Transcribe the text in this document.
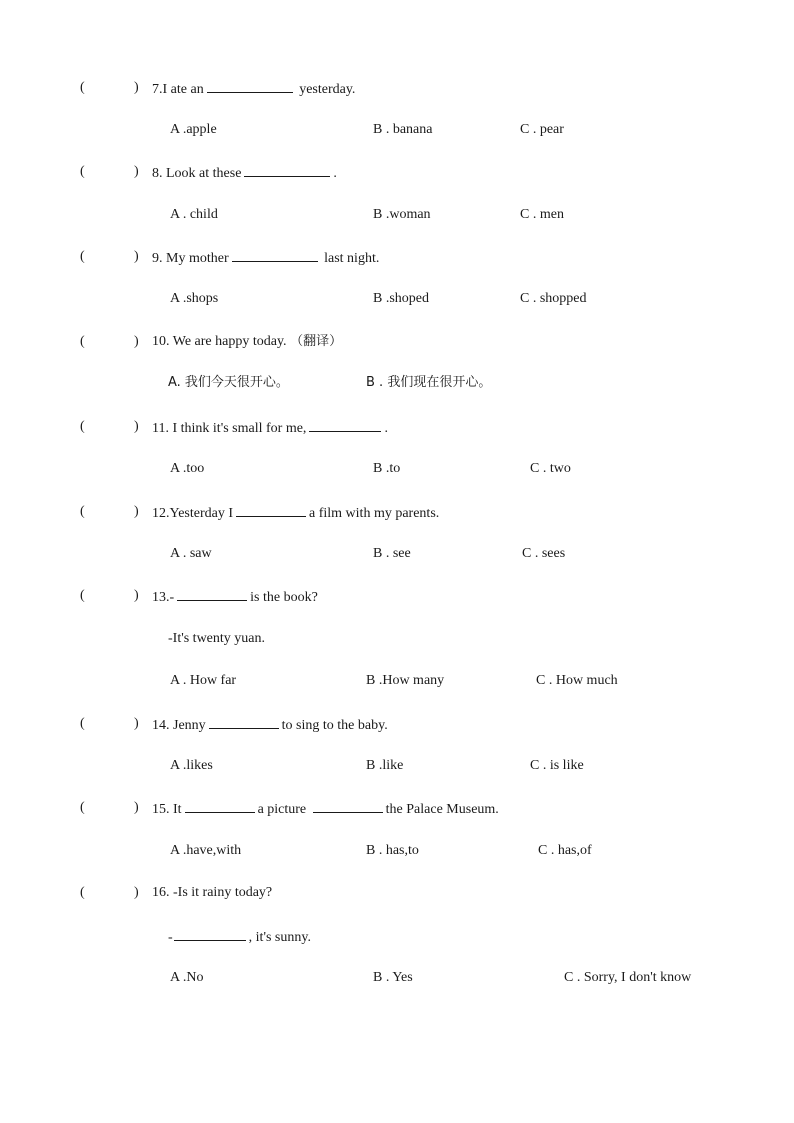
(	) 7.I ate an	yesterday.
A .apple	B . banana	C . pear
(	) 8. Look at these	.
A . child	B .woman	C . men
(	) 9. My mother	last night.
A .shops	B .shoped	C . shopped
(	) 10. We are happy today. （翻译）
A. 我们今天很开心。	B . 我们现在很开心。
(	) 11. I think it's small for me,	.
A .too	B .to	C . two
(	) 12.Yesterday I	a film with my parents.
A . saw	B . see	C . sees
(	) 13.-	is the book?
-It's twenty yuan.
A . How far	B .How many	C . How much
(	) 14. Jenny	to sing to the baby.
A .likes	B .like	C . is like
(	) 15. It	a picture	the Palace Museum.
A .have,with	B . has,to	C . has,of
(	) 16. -Is it rainy today?
-	, it's sunny.
A .No	B . Yes	C . Sorry, I don't know
